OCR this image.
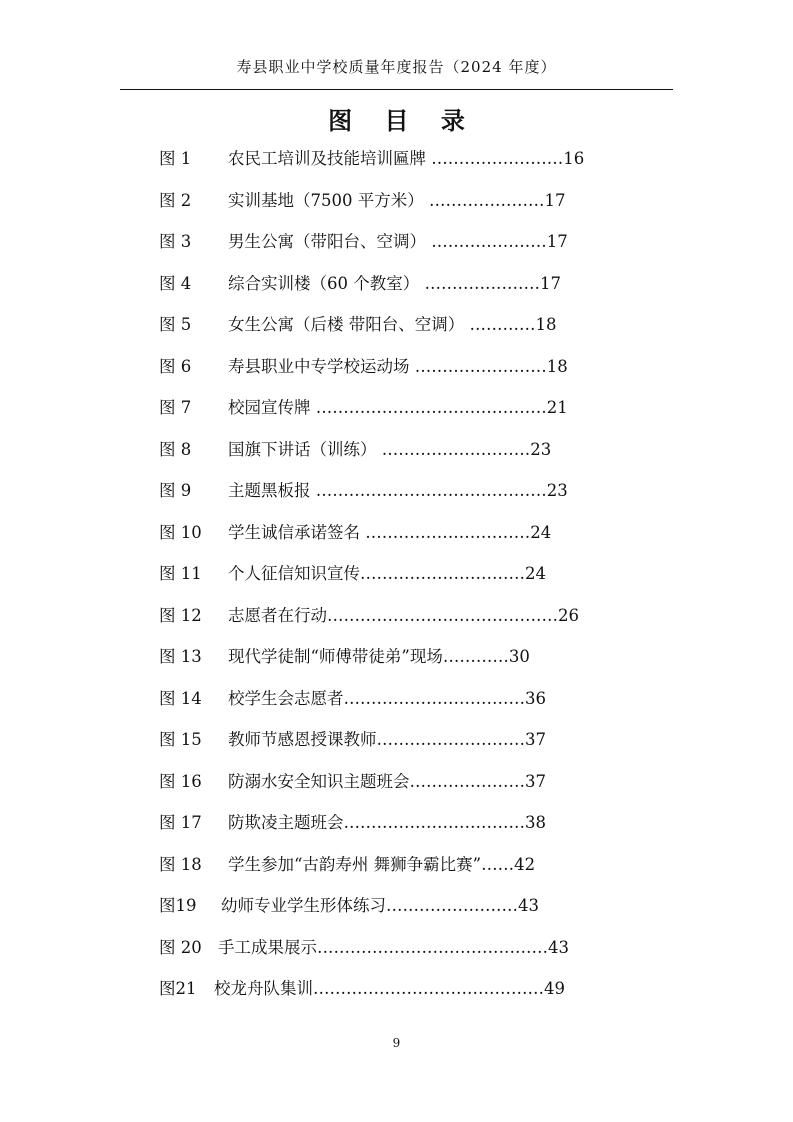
寿县职业中学校质量年度报告（2024 年度）
图 目 录
图 1 农民工培训及技能培训匾牌 ……………………16
图 2 实训基地（7500 平方米） …………………17
图 3 男生公寓（带阳台、空调） …………………17
图 4 综合实训楼（60 个教室） …………………17
图 5 女生公寓（后楼 带阳台、空调） …………18
图 6 寿县职业中专学校运动场 ……………………18
图 7 校园宣传牌 ……………………………………21
图 8 国旗下讲话（训练） ………………………23
图 9 主题黑板报 ……………………………………23
图 10 学生诚信承诺签名 …………………………24
图 11 个人征信知识宣传…………………………24
图 12 志愿者在行动……………………………………26
图 13 现代学徒制“师傅带徒弟”现场…………30
图 14 校学生会志愿者……………………………36
图 15 教师节感恩授课教师………………………37
图 16 防溺水安全知识主题班会…………………37
图 17 防欺凌主题班会……………………………38
图 18 学生参加“古韵寿州 舞狮争霸比赛”……42
图19 幼师专业学生形体练习……………………43
图 20 手工成果展示……………………………………43
图21 校龙舟队集训……………………………………49
9
